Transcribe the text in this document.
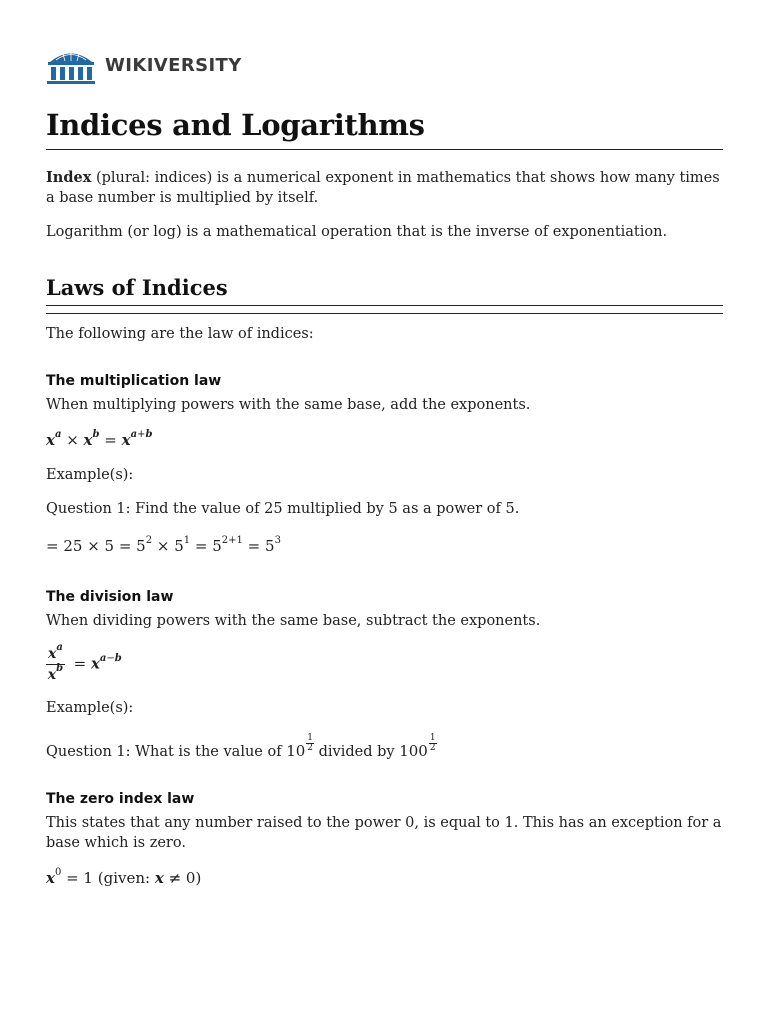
WIKIVERSITY
Indices and Logarithms

Index (plural: indices) is a numerical exponent in mathematics that shows how many times a base number is multiplied by itself.

Logarithm (or log) is a mathematical operation that is the inverse of exponentiation.

Laws of Indices

The following are the law of indices:

The multiplication law

When multiplying powers with the same base, add the exponents.

$x^a \times x^b = x^{a+b}$

Example(s):

Question 1: Find the value of 25 multiplied by 5 as a power of 5.

= $25 \times 5 = 5^2 \times 5^1 = 5^{2+1} = 5^3$

The division law

When dividing powers with the same base, subtract the exponents.

$\frac{x^a}{x^b} = x^{a-b}$

Example(s):

Question 1: What is the value of $10 \frac{1}{2}$ divided by $100 \frac{1}{2}$

The zero index law

This states that any number raised to the power 0, is equal to 1. This has an exception for a base which is zero.

$x^0 = 1$ (given: x ≠ 0)
